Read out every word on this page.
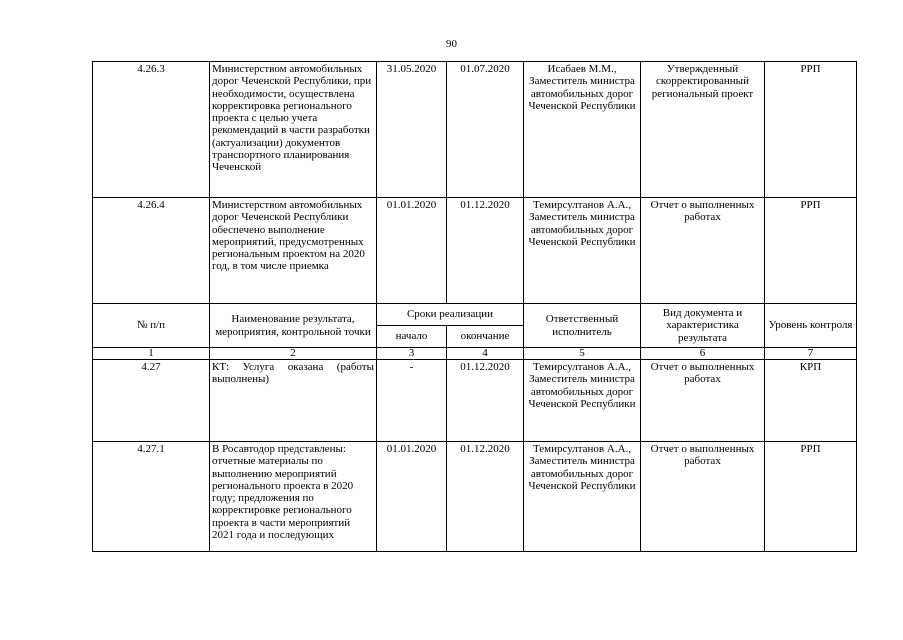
90
4.26.3	Министерством автомобильных дорог Чеченской Республики, при необходимости, осуществлена корректировка регионального проекта с целью учета рекомендаций в части разработки (актуализации) документов транспортного планирования Чеченской	31.05.2020	01.07.2020	Исабаев М.М., Заместитель министра автомобильных дорог Чеченской Республики	Утвержденный скорректированный региональный проект	РРП
4.26.4	Министерством автомобильных дорог Чеченской Республики обеспечено выполнение мероприятий, предусмотренных региональным проектом на 2020 год, в том числе приемка	01.01.2020	01.12.2020	Темирсултанов А.А., Заместитель министра автомобильных дорог Чеченской Республики	Отчет о выполненных работах	РРП
№ п/п	Наименование результата, мероприятия, контрольной точки	Сроки реализации		Ответственный исполнитель	Вид документа и характеристика результата	Уровень контроля
		начало	окончание			
1	2	3	4	5	6	7
4.27	КТ: Услуга оказана (работы выполнены)	-	01.12.2020	Темирсултанов А.А., Заместитель министра автомобильных дорог Чеченской Республики	Отчет о выполненных работах	КРП
4.27.1	В Росавтодор представлены: отчетные материалы по выполнению мероприятий регионального проекта в 2020 году; предложения по корректировке регионального проекта в части мероприятий 2021 года и последующих	01.01.2020	01.12.2020	Темирсултанов А.А., Заместитель министра автомобильных дорог Чеченской Республики	Отчет о выполненных работах	РРП
